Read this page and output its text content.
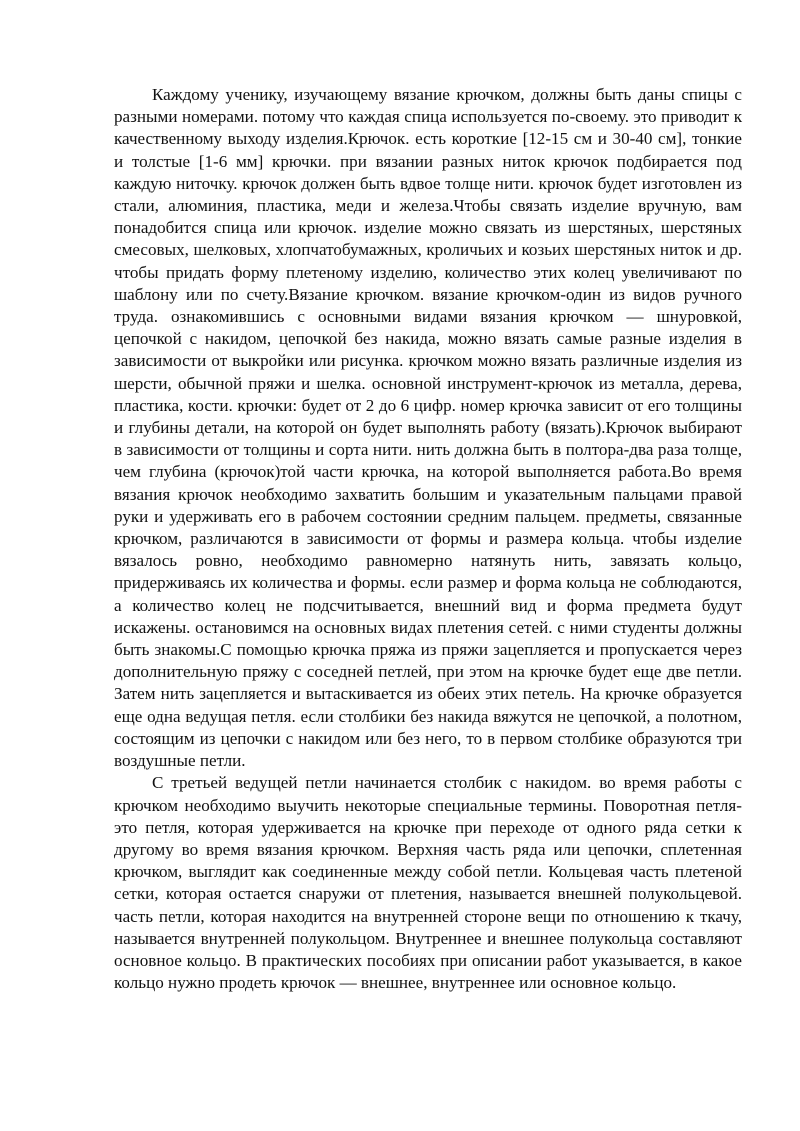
Каждому ученику, изучающему вязание крючком, должны быть даны спицы с разными номерами. потому что каждая спица используется по-своему. это приводит к качественному выходу изделия.Крючок. есть короткие [12-15 см и 30-40 см], тонкие и толстые [1-6 мм] крючки. при вязании разных ниток крючок подбирается под каждую ниточку. крючок должен быть вдвое толще нити. крючок будет изготовлен из стали, алюминия, пластика, меди и железа.Чтобы связать изделие вручную, вам понадобится спица или крючок. изделие можно связать из шерстяных, шерстяных смесовых, шелковых, хлопчатобумажных, кроличьих и козьих шерстяных ниток и др. чтобы придать форму плетеному изделию, количество этих колец увеличивают по шаблону или по счету.Вязание крючком. вязание крючком-один из видов ручного труда. ознакомившись с основными видами вязания крючком — шнуровкой, цепочкой с накидом, цепочкой без накида, можно вязать самые разные изделия в зависимости от выкройки или рисунка. крючком можно вязать различные изделия из шерсти, обычной пряжи и шелка. основной инструмент-крючок из металла, дерева, пластика, кости. крючки: будет от 2 до 6 цифр. номер крючка зависит от его толщины и глубины детали, на которой он будет выполнять работу (вязать).Крючок выбирают в зависимости от толщины и сорта нити. нить должна быть в полтора-два раза толще, чем глубина (крючок)той части крючка, на которой выполняется работа.Во время вязания крючок необходимо захватить большим и указательным пальцами правой руки и удерживать его в рабочем состоянии средним пальцем. предметы, связанные крючком, различаются в зависимости от формы и размера кольца. чтобы изделие вязалось ровно, необходимо равномерно натянуть нить, завязать кольцо, придерживаясь их количества и формы. если размер и форма кольца не соблюдаются, а количество колец не подсчитывается, внешний вид и форма предмета будут искажены. остановимся на основных видах плетения сетей. с ними студенты должны быть знакомы.С помощью крючка пряжа из пряжи зацепляется и пропускается через дополнительную пряжу с соседней петлей, при этом на крючке будет еще две петли. Затем нить зацепляется и вытаскивается из обеих этих петель. На крючке образуется еще одна ведущая петля. если столбики без накида вяжутся не цепочкой, а полотном, состоящим из цепочки с накидом или без него, то в первом столбике образуются три воздушные петли.

С третьей ведущей петли начинается столбик с накидом. во время работы с крючком необходимо выучить некоторые специальные термины. Поворотная петля-это петля, которая удерживается на крючке при переходе от одного ряда сетки к другому во время вязания крючком. Верхняя часть ряда или цепочки, сплетенная крючком, выглядит как соединенные между собой петли. Кольцевая часть плетеной сетки, которая остается снаружи от плетения, называется внешней полукольцевой. часть петли, которая находится на внутренней стороне вещи по отношению к ткачу, называется внутренней полукольцом. Внутреннее и внешнее полукольца составляют основное кольцо. В практических пособиях при описании работ указывается, в какое кольцо нужно продеть крючок — внешнее, внутреннее или основное кольцо.
